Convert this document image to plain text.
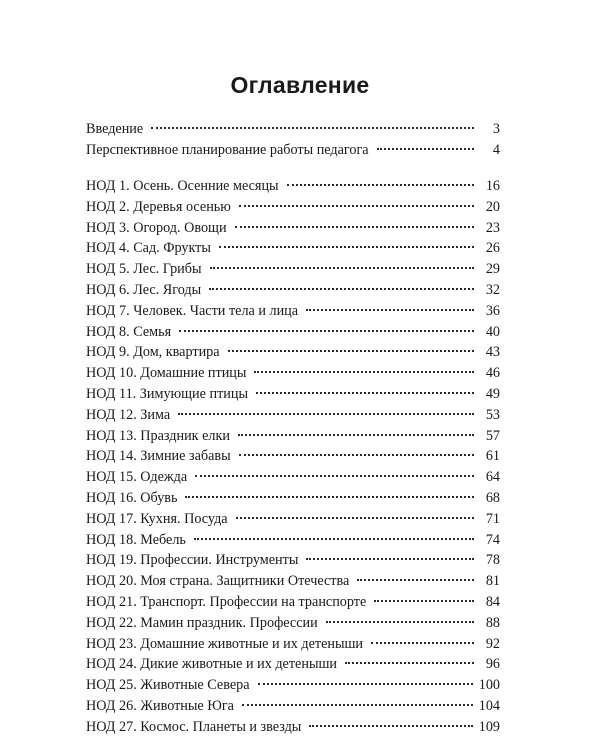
Оглавление
Введение	3
Перспективное планирование работы педагога	4
НОД 1. Осень. Осенние месяцы	16
НОД 2. Деревья осенью	20
НОД 3. Огород. Овощи	23
НОД 4. Сад. Фрукты	26
НОД 5. Лес. Грибы	29
НОД 6. Лес. Ягоды	32
НОД 7. Человек. Части тела и лица	36
НОД 8. Семья	40
НОД 9. Дом, квартира	43
НОД 10. Домашние птицы	46
НОД 11. Зимующие птицы	49
НОД 12. Зима	53
НОД 13. Праздник елки	57
НОД 14. Зимние забавы	61
НОД 15. Одежда	64
НОД 16. Обувь	68
НОД 17. Кухня. Посуда	71
НОД 18. Мебель	74
НОД 19. Профессии. Инструменты	78
НОД 20. Моя страна. Защитники Отечества	81
НОД 21. Транспорт. Профессии на транспорте	84
НОД 22. Мамин праздник. Профессии	88
НОД 23. Домашние животные и их детеныши	92
НОД 24. Дикие животные и их детеныши	96
НОД 25. Животные Севера	100
НОД 26. Животные Юга	104
НОД 27. Космос. Планеты и звезды	109
